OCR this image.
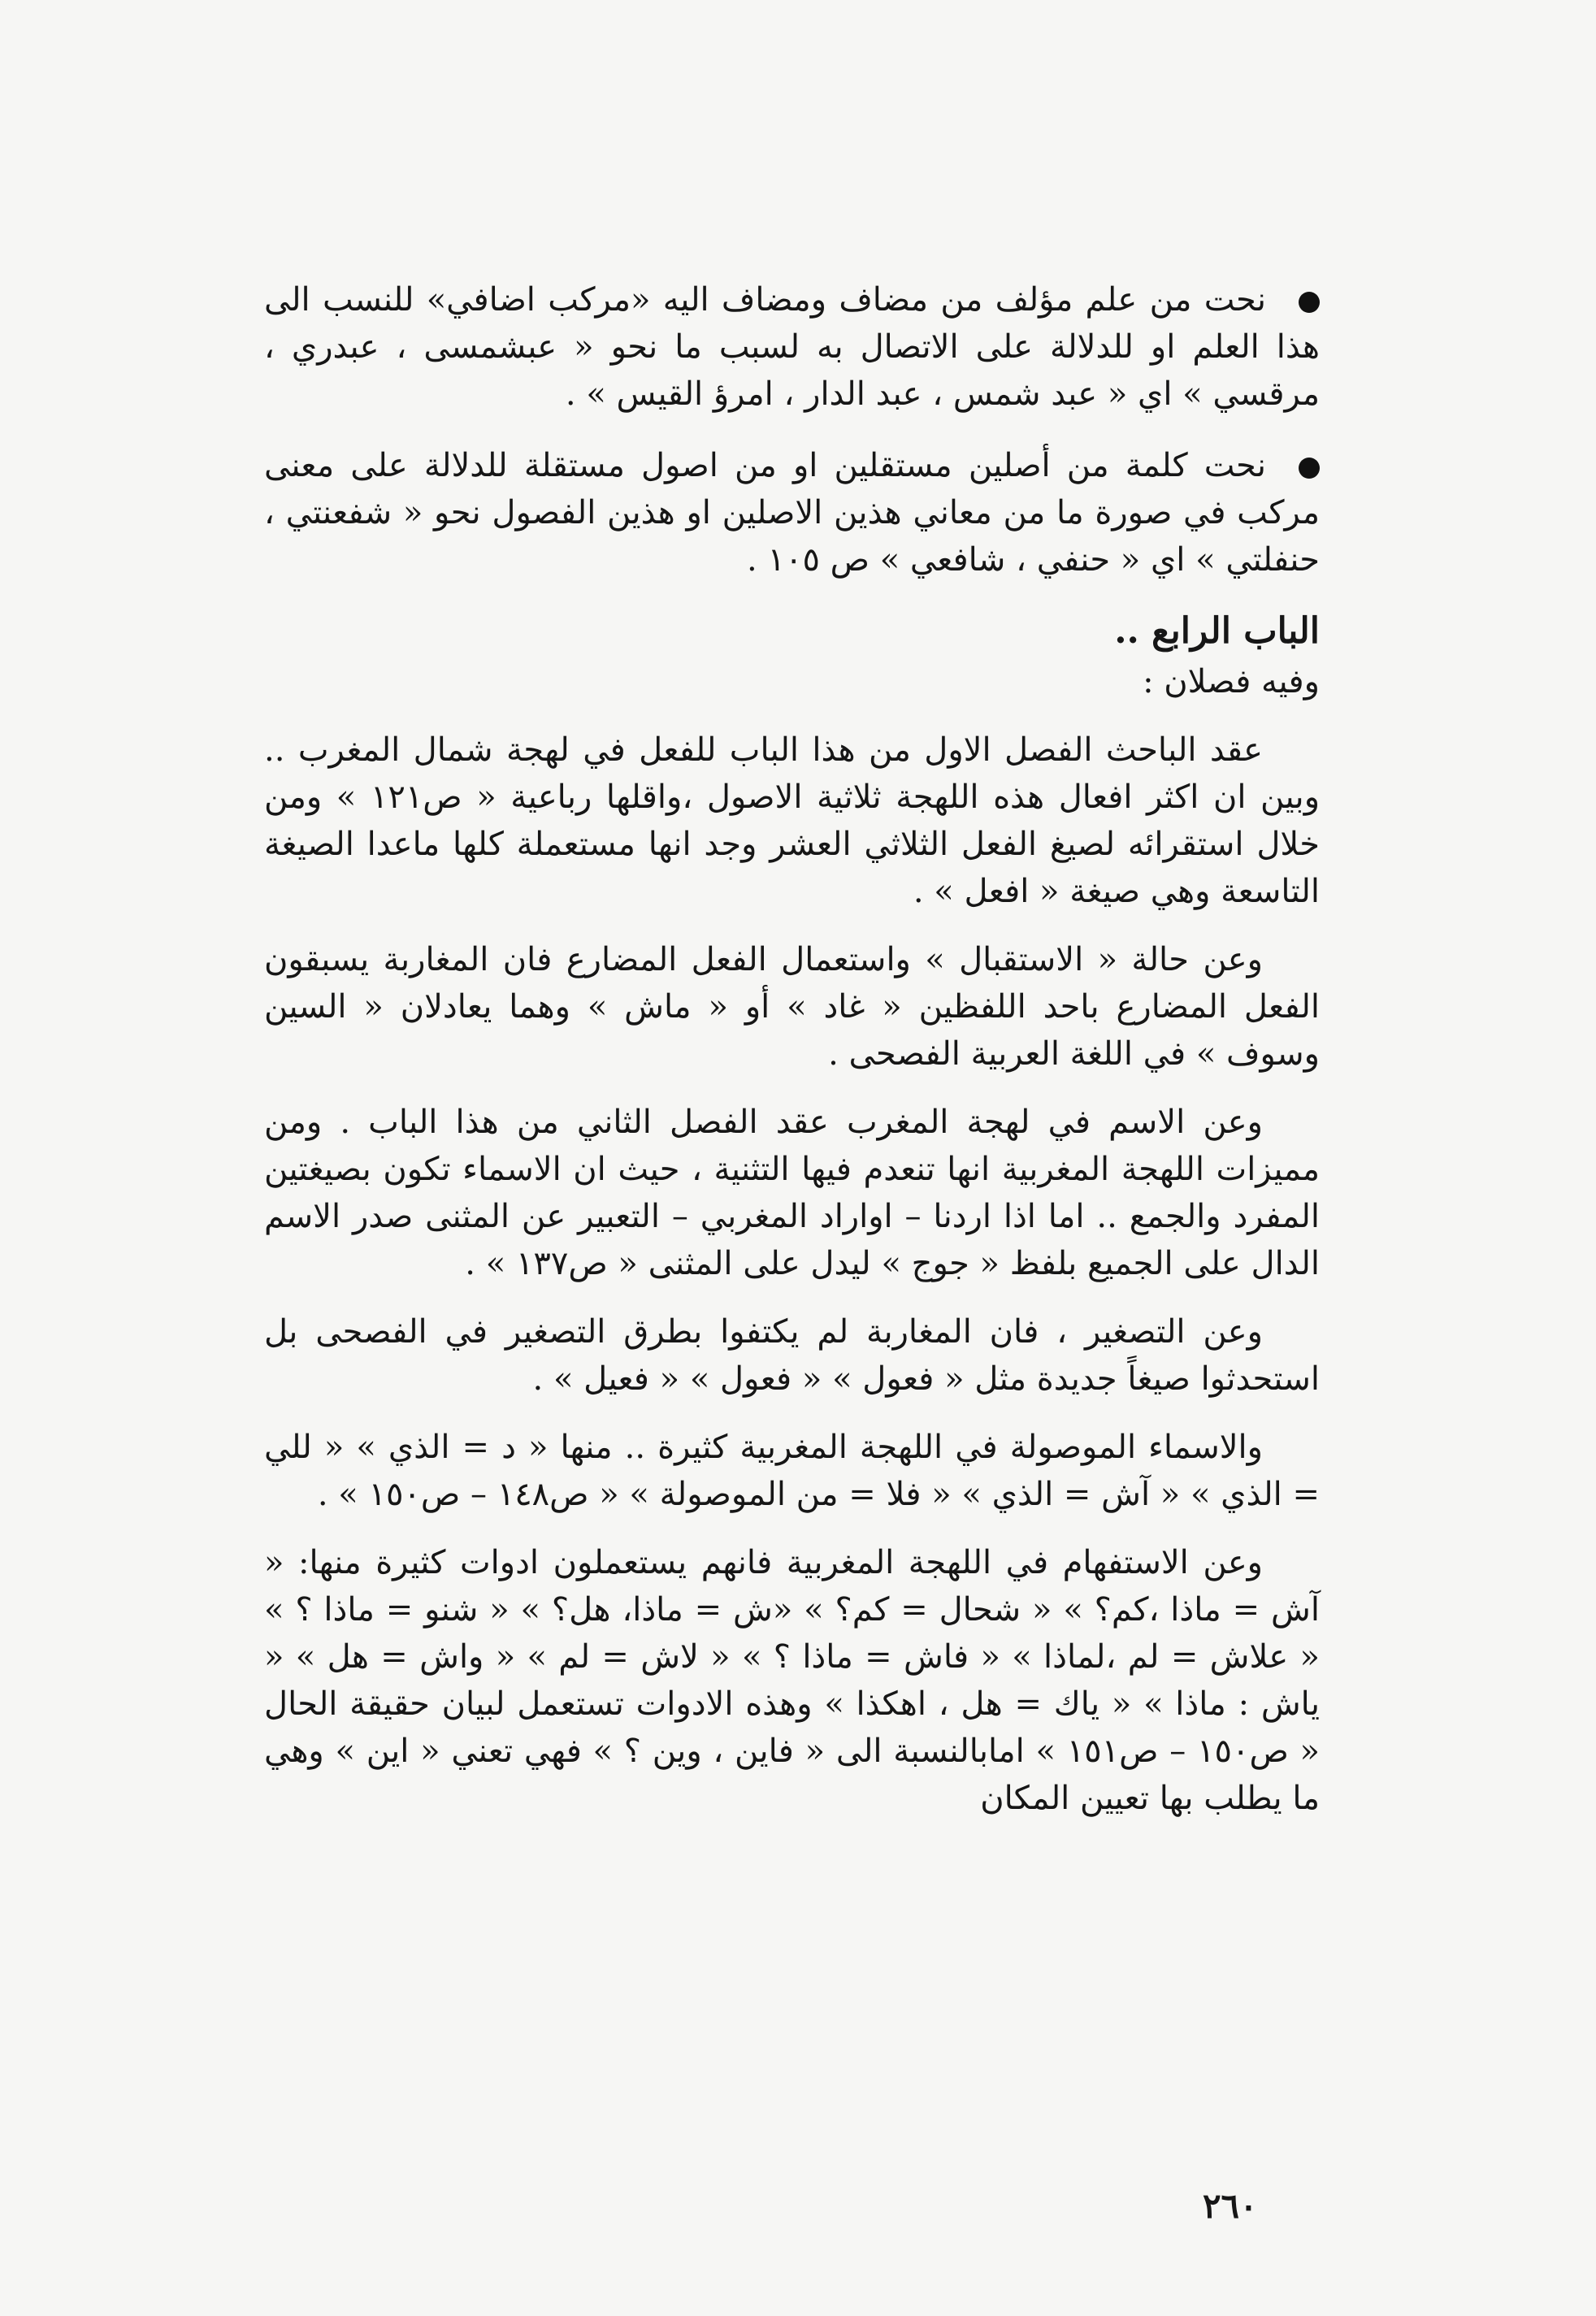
نحت من علم مؤلف من مضاف ومضاف اليه «مركب اضافي» للنسب الى هذا العلم او للدلالة على الاتصال به لسبب ما نحو « عبشمسى ، عبدري ، مرقسي » اي « عبد شمس ، عبد الدار ، امرؤ القيس » .
نحت كلمة من أصلين مستقلين او من اصول مستقلة للدلالة على معنى مركب في صورة ما من معاني هذين الاصلين او هذين الفصول نحو « شفعنتي ، حنفلتي » اي « حنفي ، شافعي » ص ١٠٥ .
الباب الرابع ..
وفيه فصلان :

عقد الباحث الفصل الاول من هذا الباب للفعل في لهجة شمال المغرب .. وبين ان اكثر افعال هذه اللهجة ثلاثية الاصول ،واقلها رباعية « ص١٢١ » ومن خلال استقرائه لصيغ الفعل الثلاثي العشر وجد انها مستعملة كلها ماعدا الصيغة التاسعة وهي صيغة « افعل » .

وعن حالة « الاستقبال » واستعمال الفعل المضارع فان المغاربة يسبقون الفعل المضارع باحد اللفظين « غاد » أو « ماش » وهما يعادلان « السين وسوف » في اللغة العربية الفصحى .

وعن الاسم في لهجة المغرب عقد الفصل الثاني من هذا الباب . ومن مميزات اللهجة المغربية انها تنعدم فيها التثنية ، حيث ان الاسماء تكون بصيغتين المفرد والجمع .. اما اذا اردنا – اواراد المغربي – التعبير عن المثنى صدر الاسم الدال على الجميع بلفظ « جوج » ليدل على المثنى « ص١٣٧ » .

وعن التصغير ، فان المغاربة لم يكتفوا بطرق التصغير في الفصحى بل استحدثوا صيغاً جديدة مثل « فعول » « فعول » « فعيل » .

والاسماء الموصولة في اللهجة المغربية كثيرة .. منها « د = الذي » « للي = الذي » « آش = الذي » « فلا = من الموصولة » « ص١٤٨ – ص١٥٠ » .

وعن الاستفهام في اللهجة المغربية فانهم يستعملون ادوات كثيرة منها: « آش = ماذا ،كم؟ » « شحال = كم؟ » «ش = ماذا، هل؟ » « شنو = ماذا ؟ » « علاش = لم ،لماذا » « فاش = ماذا ؟ » « لاش = لم » « واش = هل » « ياش : ماذا » « ياك = هل ، اهكذا » وهذه الادوات تستعمل لبيان حقيقة الحال « ص١٥٠ – ص١٥١ » امابالنسبة الى « فاين ، وين ؟ » فهي تعني « اين » وهي ما يطلب بها تعيين المكان

٢٦٠
